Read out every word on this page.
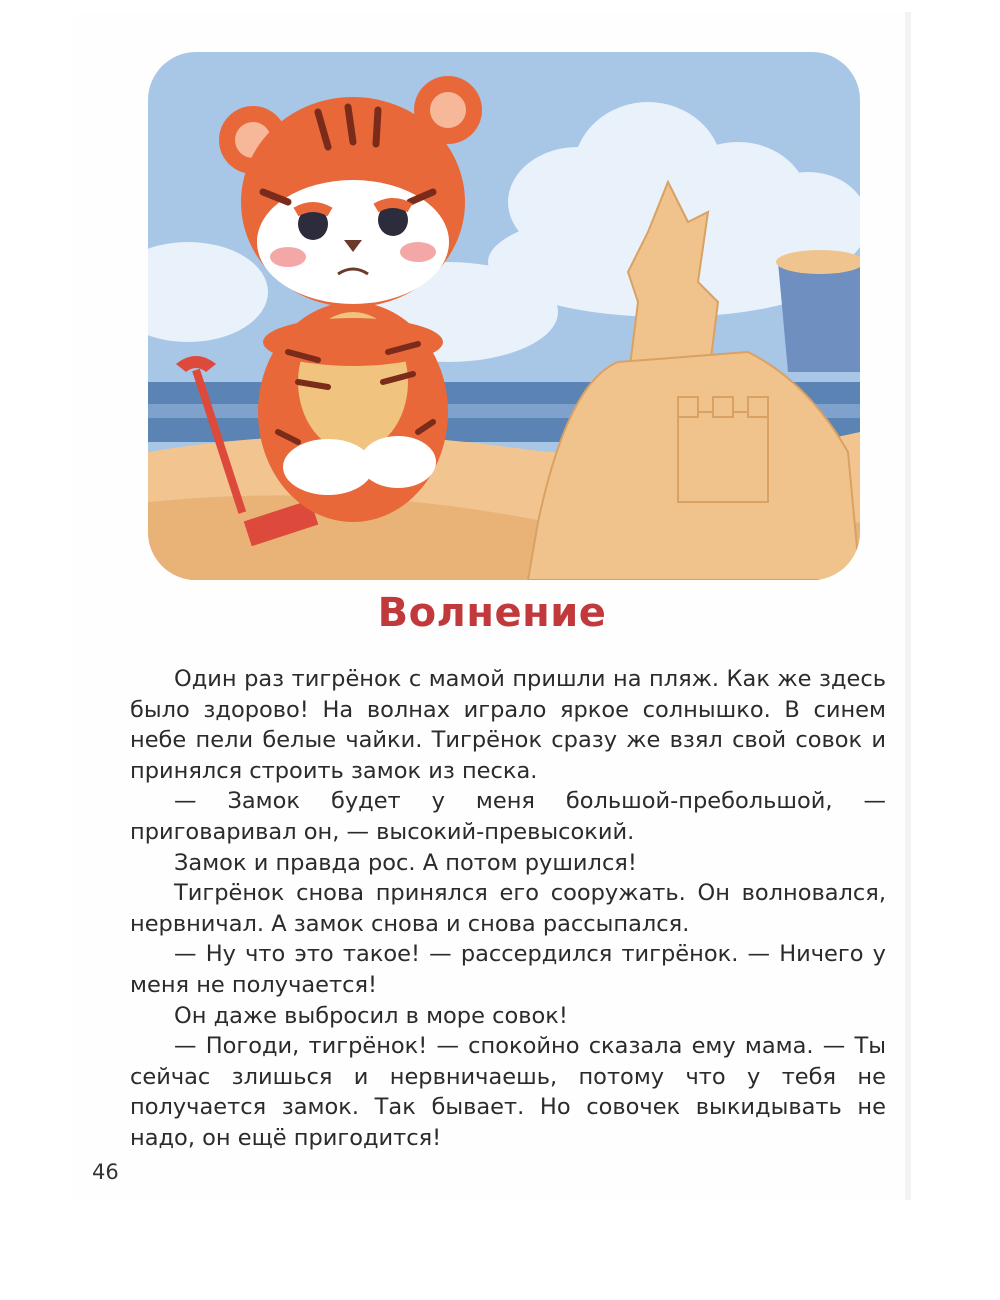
Волнение

Один раз тигрёнок с мамой пришли на пляж. Как же здесь было здорово! На волнах играло яркое солнышко. В синем небе пели белые чайки. Тигрёнок сразу же взял свой совок и принялся строить замок из песка.

— Замок будет у меня большой-пребольшой, — приговаривал он, — высокий-превысокий.

Замок и правда рос. А потом рушился!

Тигрёнок снова принялся его сооружать. Он волновался, нервничал. А замок снова и снова рассыпался.

— Ну что это такое! — рассердился тигрёнок. — Ничего у меня не получается!

Он даже выбросил в море совок!

— Погоди, тигрёнок! — спокойно сказала ему мама. — Ты сейчас злишься и нервничаешь, потому что у тебя не получается замок. Так бывает. Но совочек выкидывать не надо, он ещё пригодится!

46
